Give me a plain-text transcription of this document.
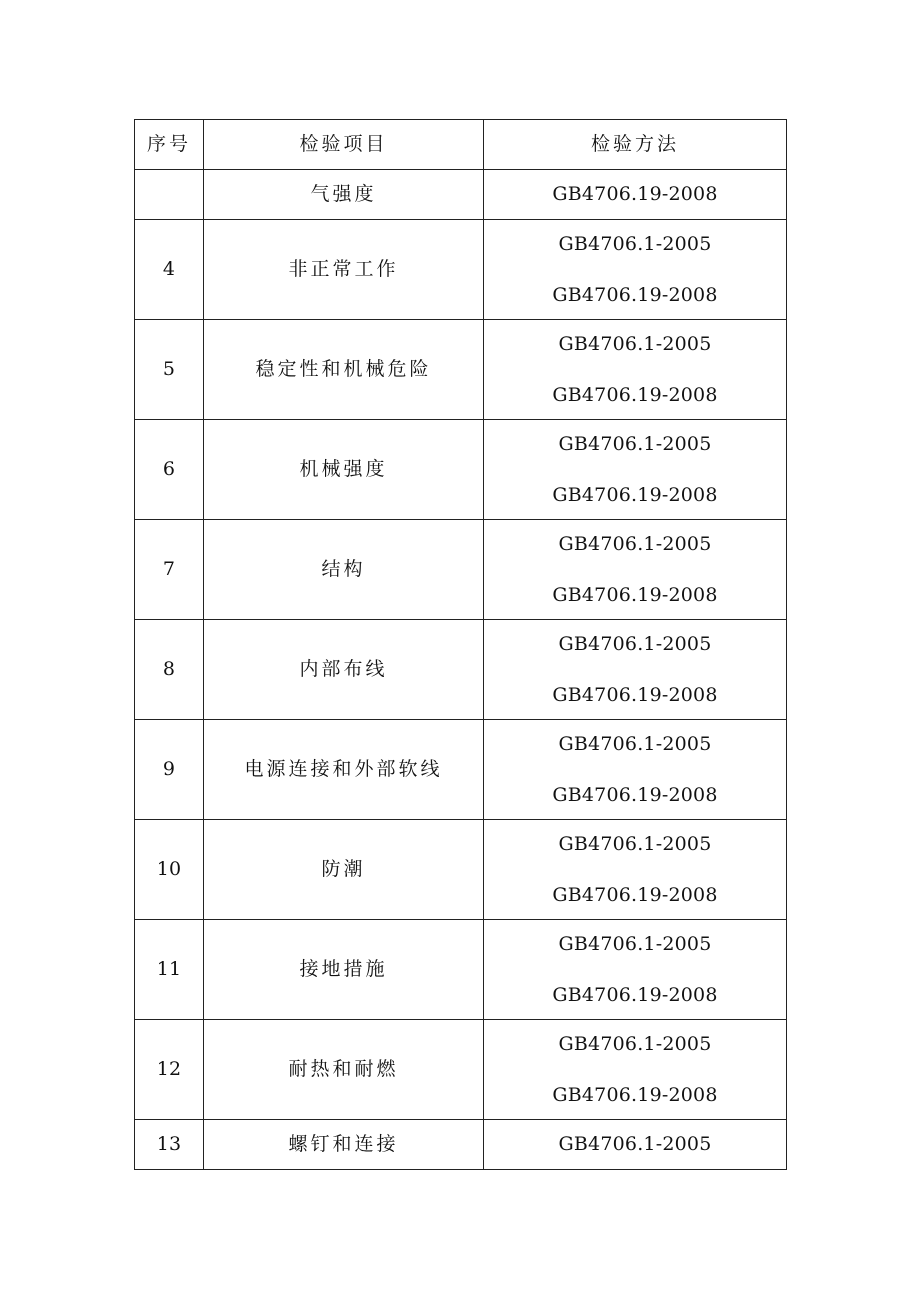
序号	检验项目	检验方法
	气强度	GB4706.19-2008
4	非正常工作	GB4706.1-2005
GB4706.19-2008

5	稳定性和机械危险	GB4706.1-2005
GB4706.19-2008

6	机械强度	GB4706.1-2005
GB4706.19-2008

7	结构	GB4706.1-2005
GB4706.19-2008

8	内部布线	GB4706.1-2005
GB4706.19-2008

9	电源连接和外部软线	GB4706.1-2005
GB4706.19-2008

10	防潮	GB4706.1-2005
GB4706.19-2008

11	接地措施	GB4706.1-2005
GB4706.19-2008

12	耐热和耐燃	GB4706.1-2005
GB4706.19-2008

13	螺钉和连接	GB4706.1-2005
